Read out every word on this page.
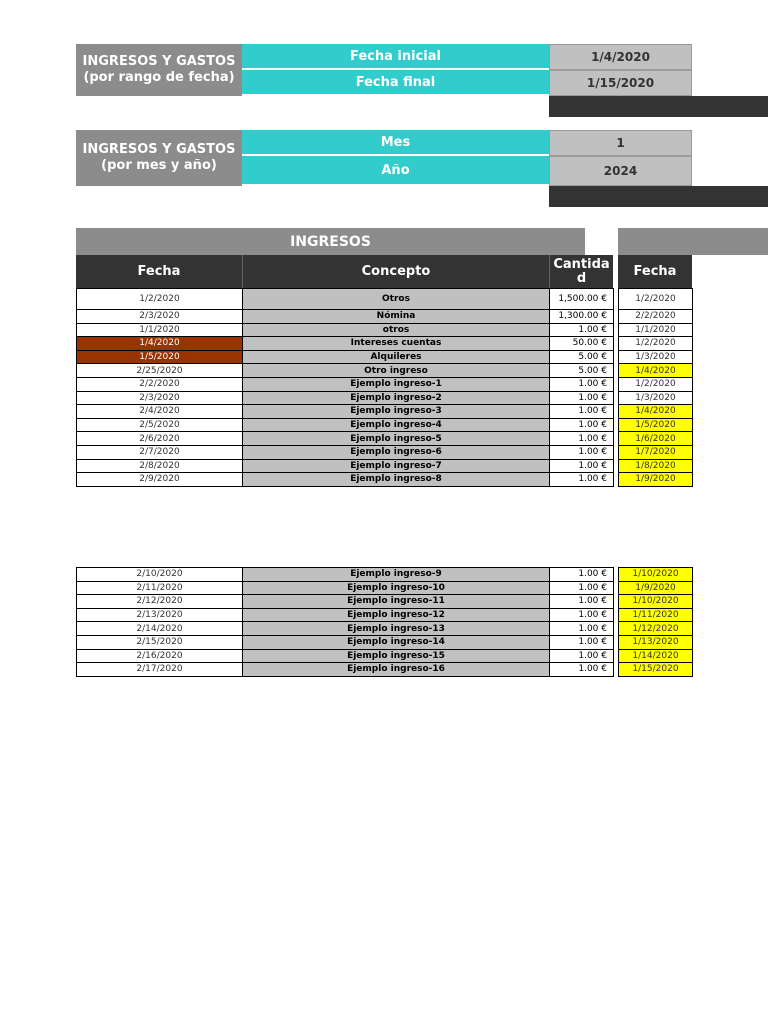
INGRESOS Y GASTOS
(por rango de fecha)
Fecha inicial	1/4/2020
Fecha final	1/15/2020
INGRESOS Y GASTOS
(por mes y año)
Mes	1
Año	2024
INGRESOS
Fecha	Concepto	Cantida d	Fecha
1/2/2020	Otros	1,500.00 €		1/2/2020
2/3/2020	Nómina	1,300.00 €		2/2/2020
1/1/2020	otros	1.00 €		1/1/2020
1/4/2020	Intereses cuentas	50.00 €		1/2/2020
1/5/2020	Alquileres	5.00 €		1/3/2020
2/25/2020	Otro ingreso	5.00 €		1/4/2020
2/2/2020	Ejemplo ingreso-1	1.00 €		1/2/2020
2/3/2020	Ejemplo ingreso-2	1.00 €		1/3/2020
2/4/2020	Ejemplo ingreso-3	1.00 €		1/4/2020
2/5/2020	Ejemplo ingreso-4	1.00 €		1/5/2020
2/6/2020	Ejemplo ingreso-5	1.00 €		1/6/2020
2/7/2020	Ejemplo ingreso-6	1.00 €		1/7/2020
2/8/2020	Ejemplo ingreso-7	1.00 €		1/8/2020
2/9/2020	Ejemplo ingreso-8	1.00 €		1/9/2020
2/10/2020	Ejemplo ingreso-9	1.00 €		1/10/2020
2/11/2020	Ejemplo ingreso-10	1.00 €		1/9/2020
2/12/2020	Ejemplo ingreso-11	1.00 €		1/10/2020
2/13/2020	Ejemplo ingreso-12	1.00 €		1/11/2020
2/14/2020	Ejemplo ingreso-13	1.00 €		1/12/2020
2/15/2020	Ejemplo ingreso-14	1.00 €		1/13/2020
2/16/2020	Ejemplo ingreso-15	1.00 €		1/14/2020
2/17/2020	Ejemplo ingreso-16	1.00 €		1/15/2020
